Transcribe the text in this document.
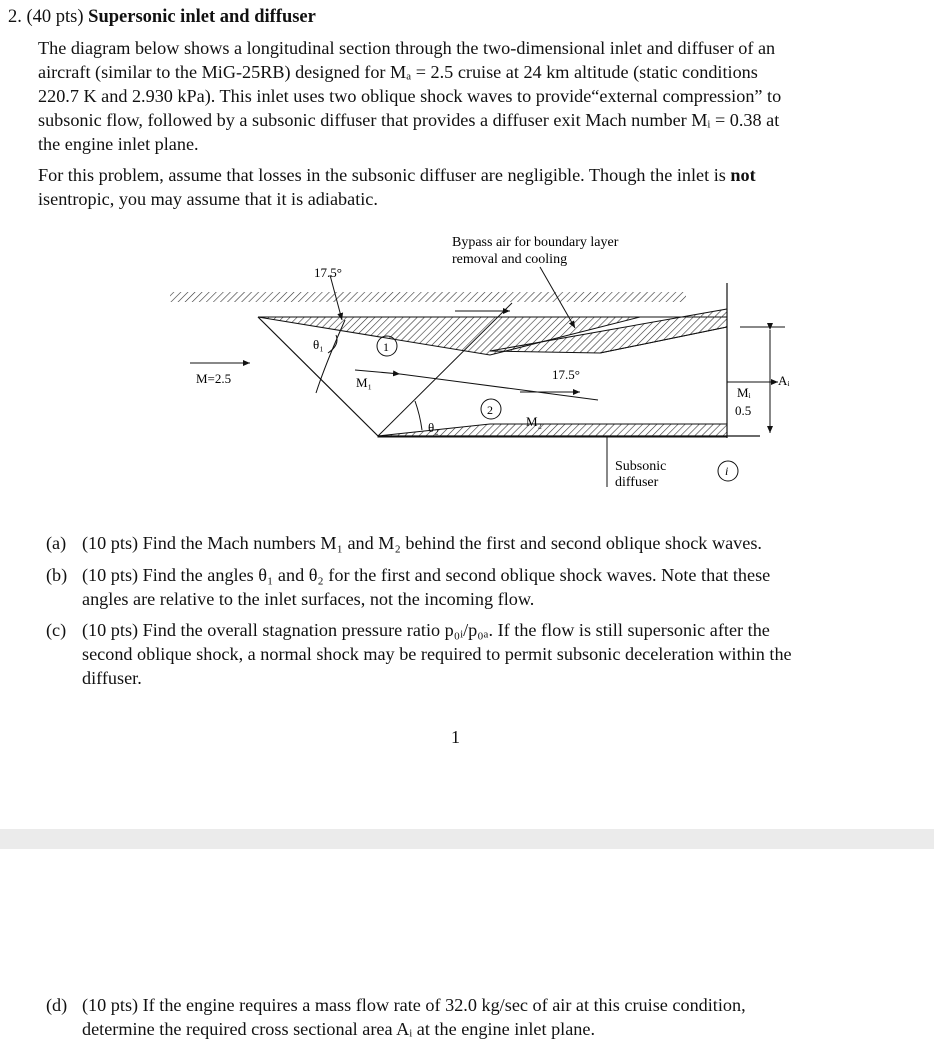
2. (40 pts) Supersonic inlet and diffuser

The diagram below shows a longitudinal section through the two-dimensional inlet and diffuser of an
aircraft (similar to the MiG-25RB) designed for Mₐ = 2.5 cruise at 24 km altitude (static conditions
220.7 K and 2.930 kPa). This inlet uses two oblique shock waves to provide“external compression” to
subsonic flow, followed by a subsonic diffuser that provides a diffuser exit Mach number Mᵢ = 0.38 at
the engine inlet plane.
For this problem, assume that losses in the subsonic diffuser are negligible. Though the inlet is not
isentropic, you may assume that it is adiabatic.
Bypass air for boundary layer
removal and cooling
17.5°
M=2.5
θ₁
M₁
1
2
M₂
17.5°
θ₂
Mᵢ
0.5
Aᵢ
Subsonic
diffuser
i
(a) (10 pts) Find the Mach numbers M₁ and M₂ behind the first and second oblique shock waves.
(b) (10 pts) Find the angles θ₁ and θ₂ for the first and second oblique shock waves. Note that these
angles are relative to the inlet surfaces, not the incoming flow.
(c) (10 pts) Find the overall stagnation pressure ratio p₀ᵢ/p₀ₐ. If the flow is still supersonic after the
second oblique shock, a normal shock may be required to permit subsonic deceleration within the
diffuser.
1
(d) (10 pts) If the engine requires a mass flow rate of 32.0 kg/sec of air at this cruise condition,
determine the required cross sectional area Aᵢ at the engine inlet plane.
